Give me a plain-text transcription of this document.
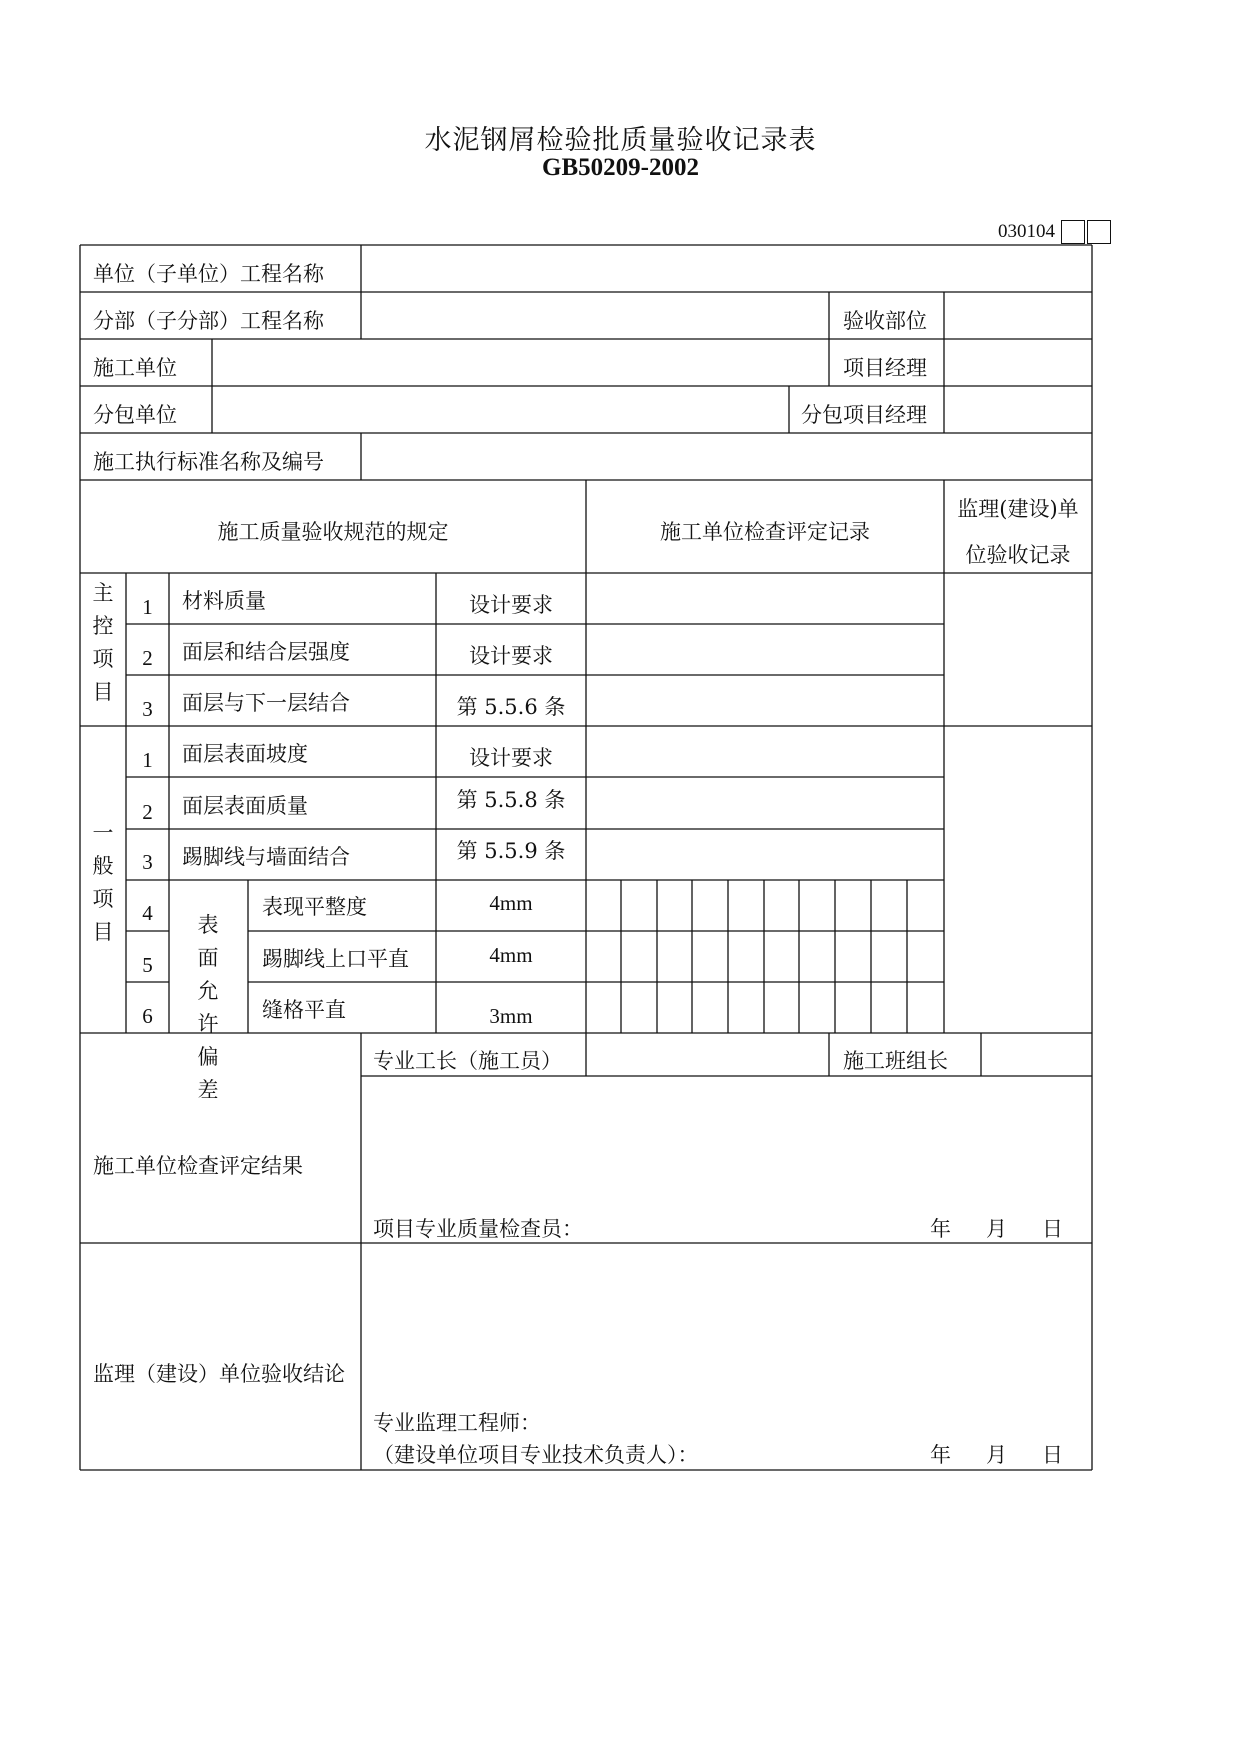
水泥钢屑检验批质量验收记录表
GB50209-2002
030104
单位（子单位）工程名称
分部（子分部）工程名称	验收部位
施工单位	项目经理
分包单位	分包项目经理
施工执行标准名称及编号
施工质量验收规范的规定	施工单位检查评定记录
监理(建设)单
位验收记录
主控项目
1	材料质量	设计要求
2	面层和结合层强度	设计要求
3	面层与下一层结合	第 5.5.6 条
一般项目
1	面层表面坡度	设计要求
2	面层表面质量	第 5.5.8 条
3	踢脚线与墙面结合	第 5.5.9 条
表面允许偏差
4	表现平整度	4mm
5	踢脚线上口平直	4mm
6	缝格平直	3mm
施工单位检查评定结果
专业工长（施工员）	施工班组长
项目专业质量检查员：	年 月 日
监理（建设）单位验收结论
专业监理工程师：
（建设单位项目专业技术负责人）：	年 月 日
